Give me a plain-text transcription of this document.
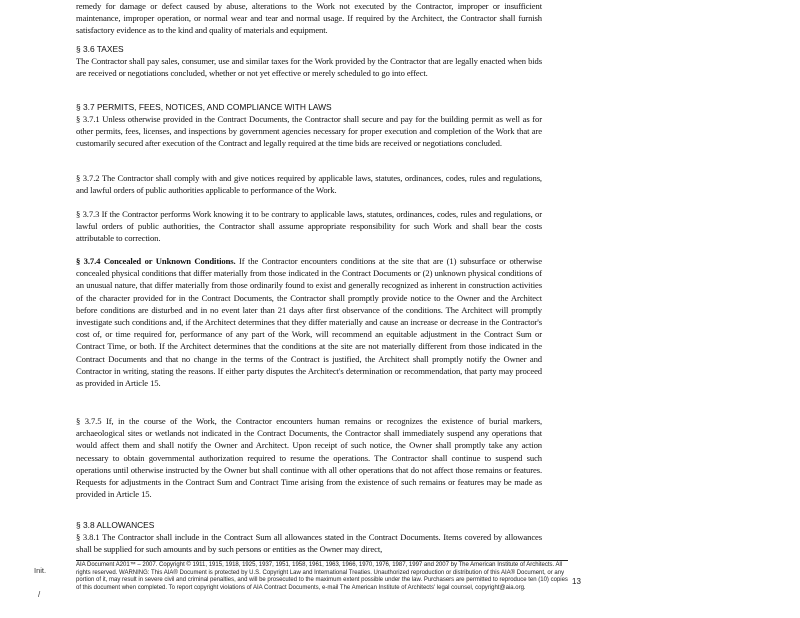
remedy for damage or defect caused by abuse, alterations to the Work not executed by the Contractor, improper or insufficient maintenance, improper operation, or normal wear and tear and normal usage. If required by the Architect, the Contractor shall furnish satisfactory evidence as to the kind and quality of materials and equipment.

§ 3.6 TAXES

The Contractor shall pay sales, consumer, use and similar taxes for the Work provided by the Contractor that are legally enacted when bids are received or negotiations concluded, whether or not yet effective or merely scheduled to go into effect.

§ 3.7 PERMITS, FEES, NOTICES, AND COMPLIANCE WITH LAWS

§ 3.7.1 Unless otherwise provided in the Contract Documents, the Contractor shall secure and pay for the building permit as well as for other permits, fees, licenses, and inspections by government agencies necessary for proper execution and completion of the Work that are customarily secured after execution of the Contract and legally required at the time bids are received or negotiations concluded.

§ 3.7.2 The Contractor shall comply with and give notices required by applicable laws, statutes, ordinances, codes, rules and regulations, and lawful orders of public authorities applicable to performance of the Work.

§ 3.7.3 If the Contractor performs Work knowing it to be contrary to applicable laws, statutes, ordinances, codes, rules and regulations, or lawful orders of public authorities, the Contractor shall assume appropriate responsibility for such Work and shall bear the costs attributable to correction.

§ 3.7.4 Concealed or Unknown Conditions. If the Contractor encounters conditions at the site that are (1) subsurface or otherwise concealed physical conditions that differ materially from those indicated in the Contract Documents or (2) unknown physical conditions of an unusual nature, that differ materially from those ordinarily found to exist and generally recognized as inherent in construction activities of the character provided for in the Contract Documents, the Contractor shall promptly provide notice to the Owner and the Architect before conditions are disturbed and in no event later than 21 days after first observance of the conditions. The Architect will promptly investigate such conditions and, if the Architect determines that they differ materially and cause an increase or decrease in the Contractor's cost of, or time required for, performance of any part of the Work, will recommend an equitable adjustment in the Contract Sum or Contract Time, or both. If the Architect determines that the conditions at the site are not materially different from those indicated in the Contract Documents and that no change in the terms of the Contract is justified, the Architect shall promptly notify the Owner and Contractor in writing, stating the reasons. If either party disputes the Architect's determination or recommendation, that party may proceed as provided in Article 15.

§ 3.7.5 If, in the course of the Work, the Contractor encounters human remains or recognizes the existence of burial markers, archaeological sites or wetlands not indicated in the Contract Documents, the Contractor shall immediately suspend any operations that would affect them and shall notify the Owner and Architect. Upon receipt of such notice, the Owner shall promptly take any action necessary to obtain governmental authorization required to resume the operations. The Contractor shall continue to suspend such operations until otherwise instructed by the Owner but shall continue with all other operations that do not affect those remains or features. Requests for adjustments in the Contract Sum and Contract Time arising from the existence of such remains or features may be made as provided in Article 15.

§ 3.8 ALLOWANCES

§ 3.8.1 The Contractor shall include in the Contract Sum all allowances stated in the Contract Documents. Items covered by allowances shall be supplied for such amounts and by such persons or entities as the Owner may direct,

Init.
/
AIA Document A201™ – 2007. Copyright © 1911, 1915, 1918, 1925, 1937, 1951, 1958, 1961, 1963, 1966, 1970, 1976, 1987, 1997 and 2007 by The American Institute of Architects. All rights reserved. WARNING: This AIA® Document is protected by U.S. Copyright Law and International Treaties. Unauthorized reproduction or distribution of this AIA® Document, or any portion of it, may result in severe civil and criminal penalties, and will be prosecuted to the maximum extent possible under the law. Purchasers are permitted to reproduce ten (10) copies of this document when completed. To report copyright violations of AIA Contract Documents, e-mail The American Institute of Architects' legal counsel, copyright@aia.org.
13
